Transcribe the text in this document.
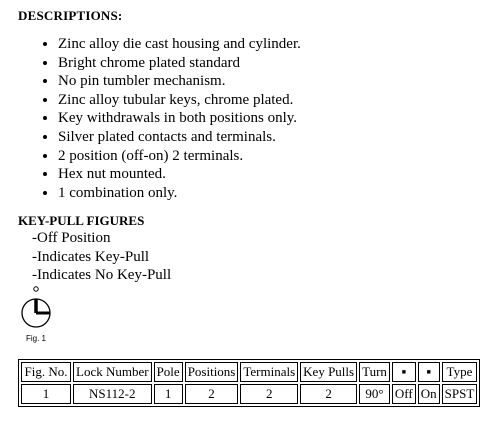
DESCRIPTIONS:
• Zinc alloy die cast housing and cylinder.
• Bright chrome plated standard
• No pin tumbler mechanism.
• Zinc alloy tubular keys, chrome plated.
• Key withdrawals in both positions only.
• Silver plated contacts and terminals.
• 2 position (off-on) 2 terminals.
• Hex nut mounted.
• 1 combination only.
KEY-PULL FIGURES
-Off Position
-Indicates Key-Pull
-Indicates No Key-Pull
Fig. 1
Fig. No.	Lock Number	Pole	Positions	Terminals	Key Pulls	Turn	■	■	Type
1	NS112-2	1	2	2	2	90°	Off	On	SPST
